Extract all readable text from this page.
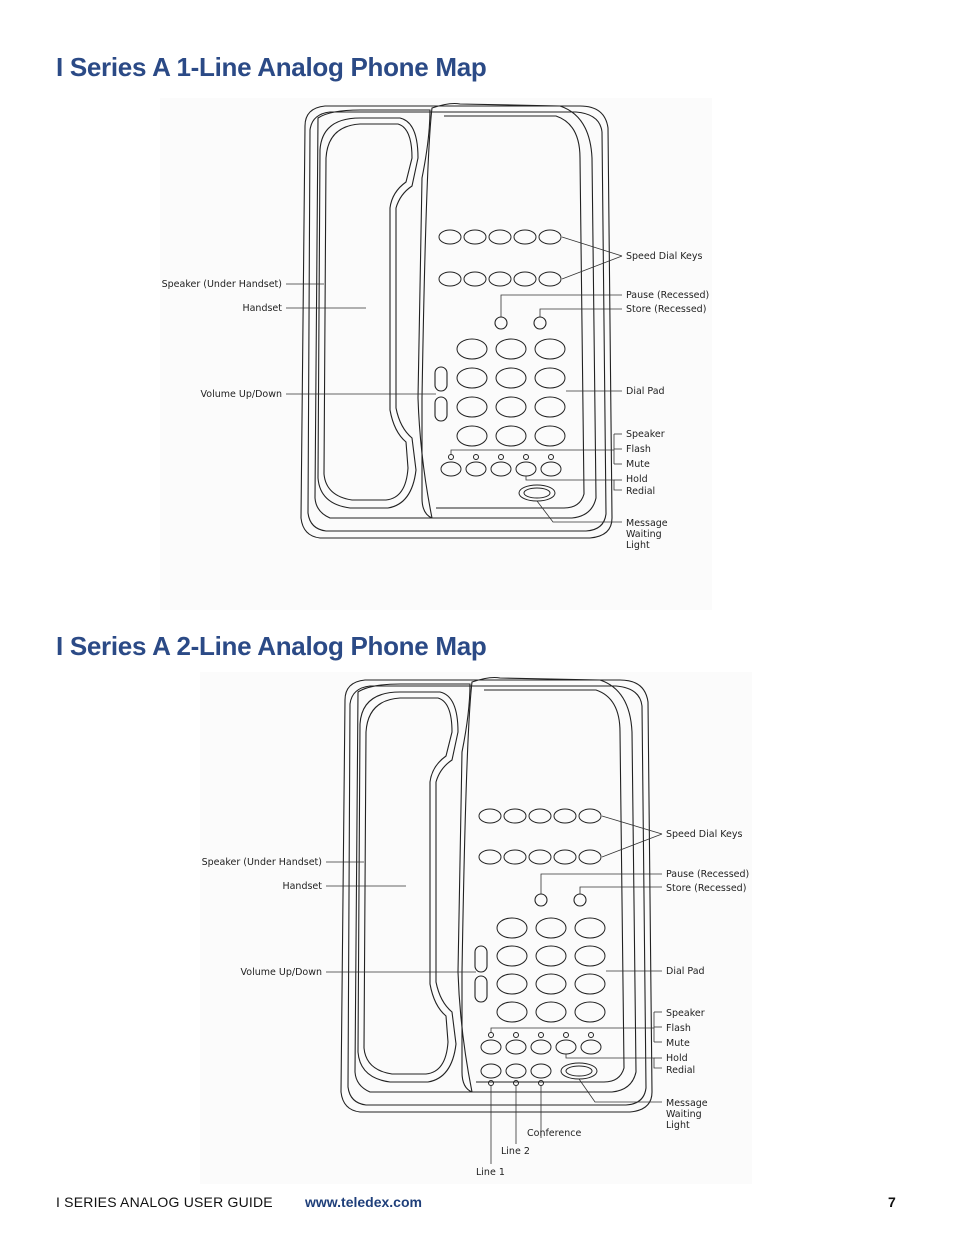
I Series A 1-Line Analog Phone Map
Speed Dial Keys
Speaker (Under Handset)
Handset
Pause (Recessed)
Store (Recessed)
Volume Up/Down	Dial Pad
Speaker
Flash
Mute
Hold
Redial
Message
Waiting
Light
I Series A 2-Line Analog Phone Map
Speed Dial Keys
Speaker (Under Handset)
Handset
Pause (Recessed)
Store (Recessed)
Volume Up/Down	Dial Pad
Speaker
Flash
Mute
Hold
Redial
Message
Waiting
Light
Conference
Line 2
Line 1
I SERIES ANALOG USER GUIDE www.teledex.com	7
